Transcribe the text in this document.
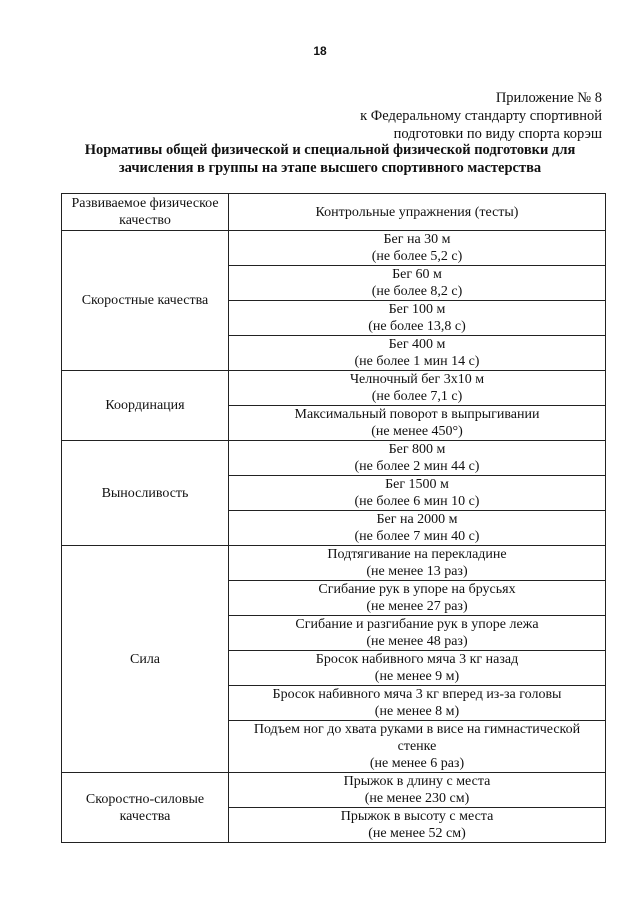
18
Приложение № 8
к Федеральному стандарту спортивной
подготовки по виду спорта корэш
Нормативы общей физической и специальной физической подготовки для
зачисления в группы на этапе высшего спортивного мастерства
Развиваемое физическое качество	Контрольные упражнения (тесты)
Скоростные качества	Бег на 30 м
(не более 5,2 с)

	Бег 60 м
(не более 8,2 с)

	Бег 100 м
(не более 13,8 с)

	Бег 400 м
(не более 1 мин 14 с)

Координация	Челночный бег 3х10 м
(не более 7,1 с)

	Максимальный поворот в выпрыгивании
(не менее 450°)

Выносливость	Бег 800 м
(не более 2 мин 44 с)

	Бег 1500 м
(не более 6 мин 10 с)

	Бег на 2000 м
(не более 7 мин 40 с)

Сила	Подтягивание на перекладине
(не менее 13 раз)

	Сгибание рук в упоре на брусьях
(не менее 27 раз)

	Сгибание и разгибание рук в упоре лежа
(не менее 48 раз)

	Бросок набивного мяча 3 кг назад
(не менее 9 м)

	Бросок набивного мяча 3 кг вперед из-за головы
(не менее 8 м)

	Подъем ног до хвата руками в висе на гимнастической стенке
(не менее 6 раз)

Скоростно-силовые качества	Прыжок в длину с места
(не менее 230 см)

	Прыжок в высоту с места
(не менее 52 см)
